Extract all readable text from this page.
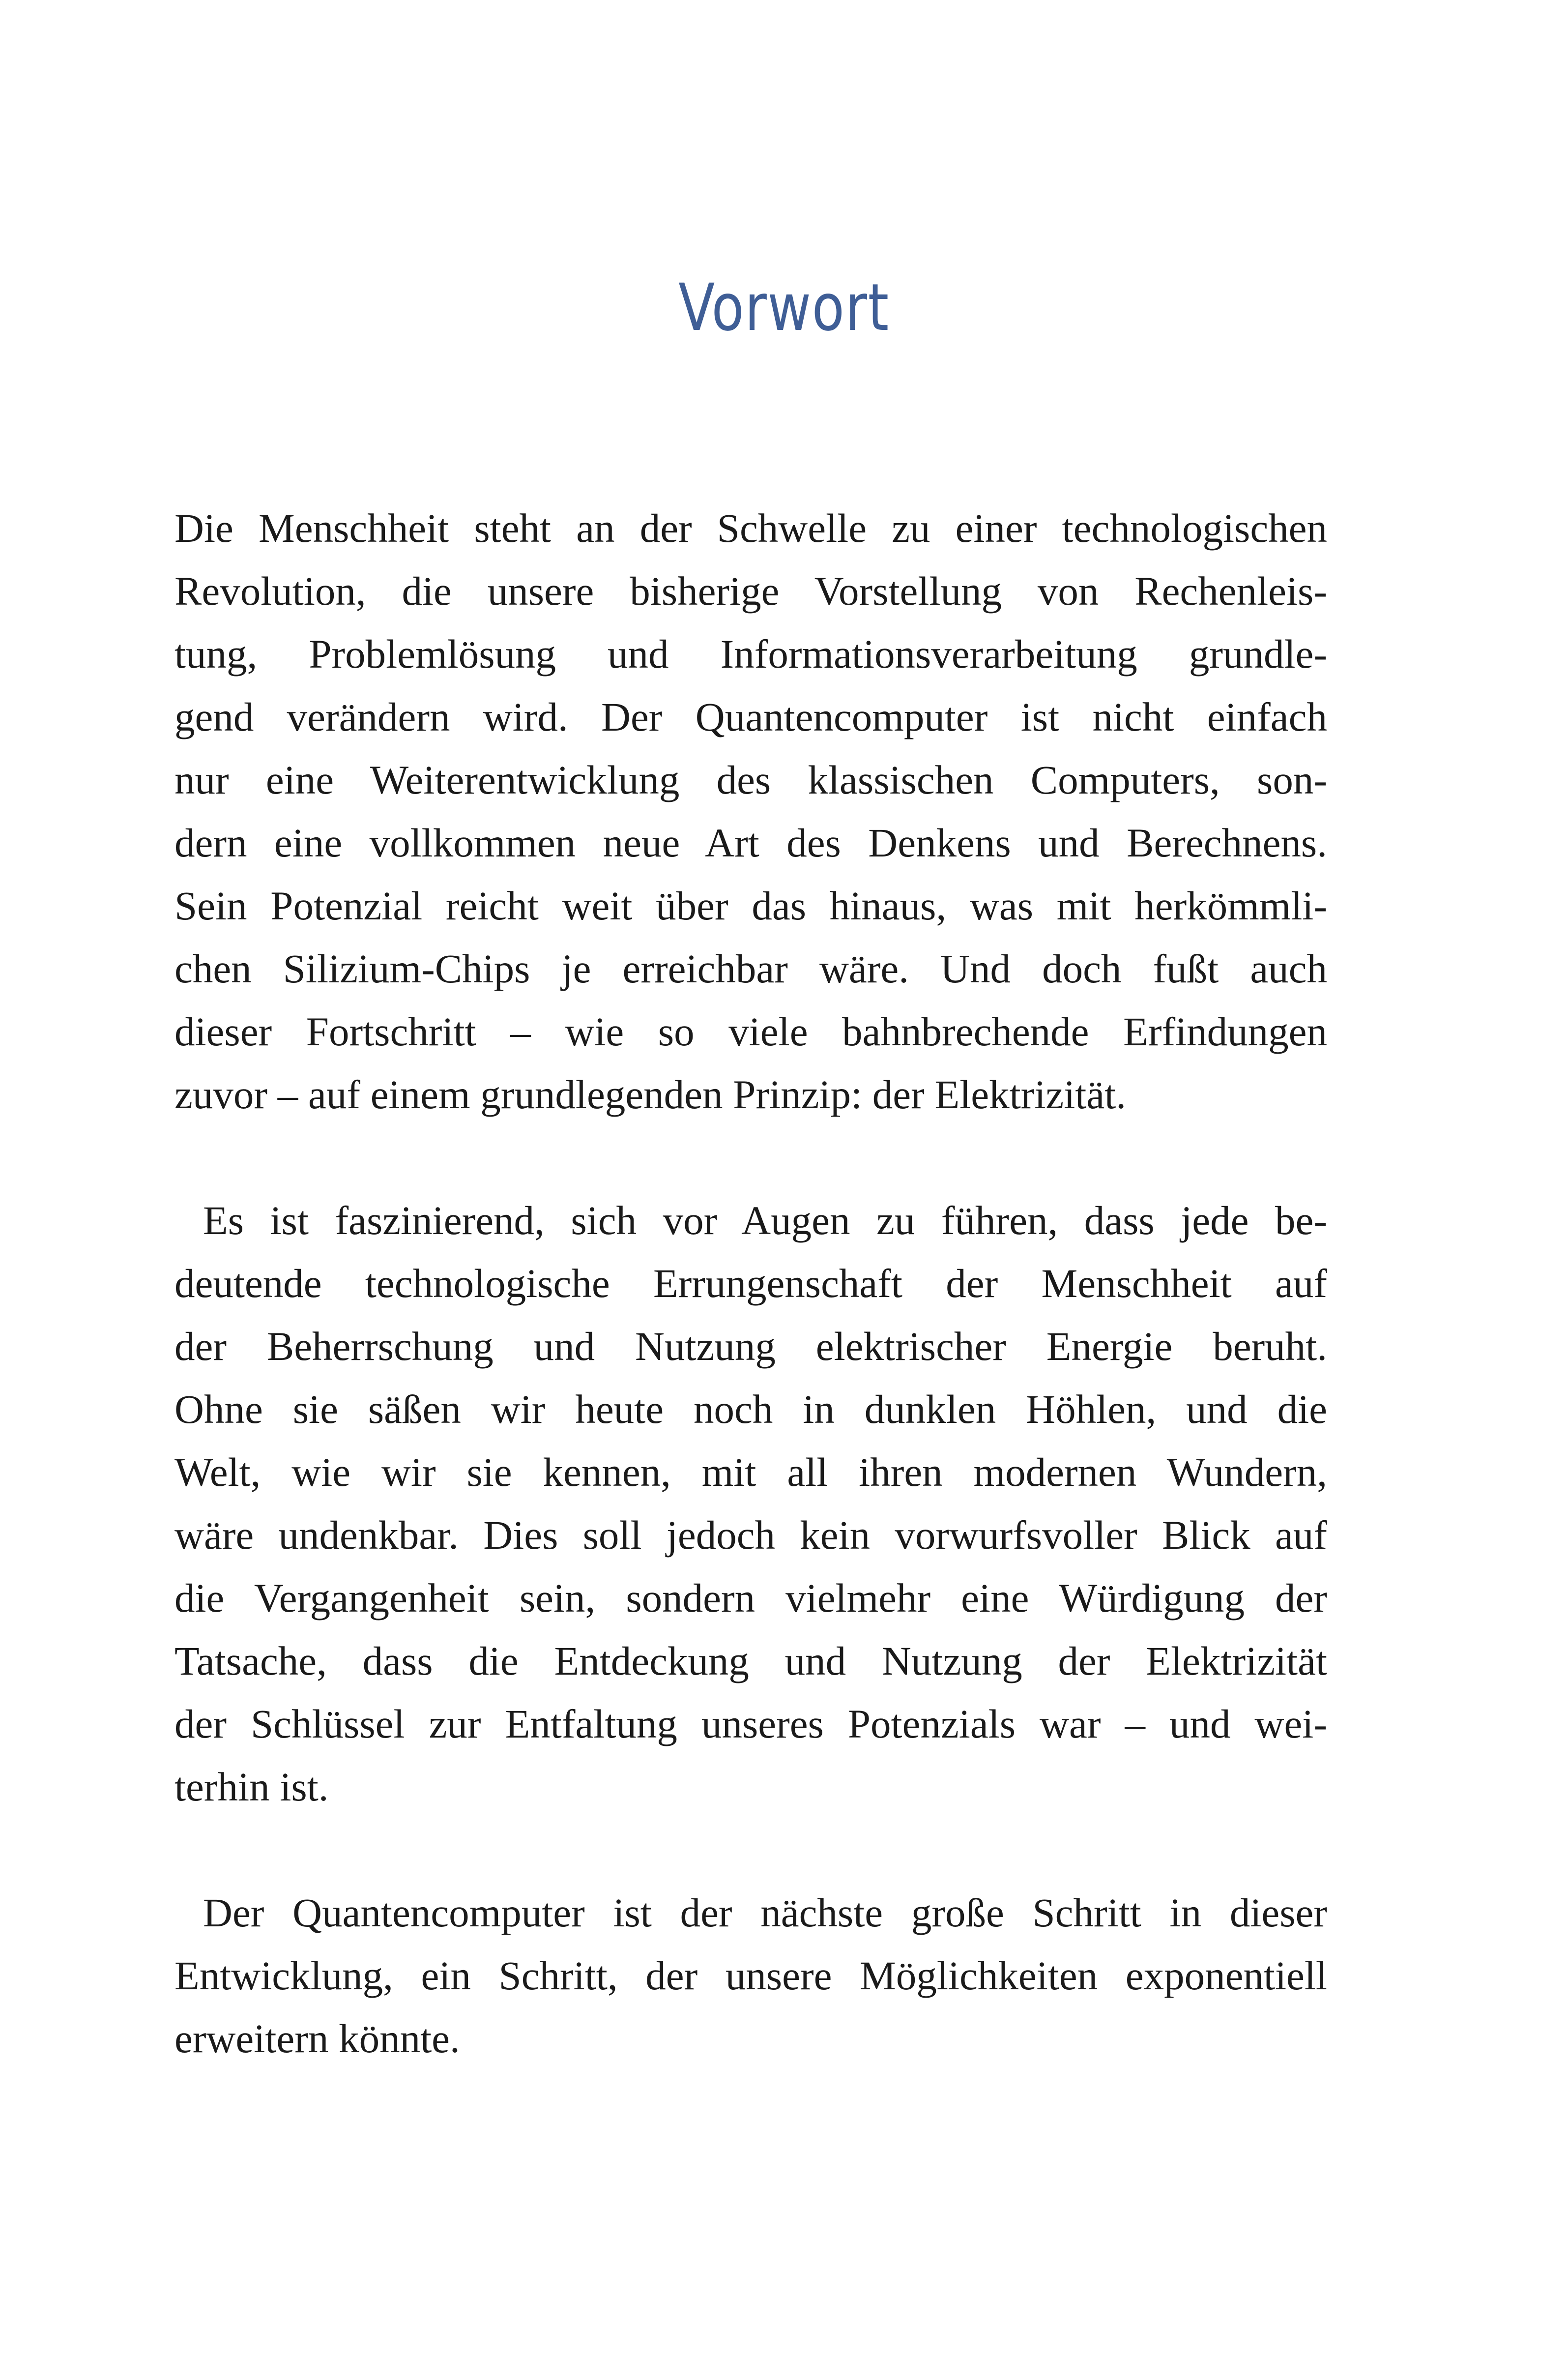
Vorwort

Die Menschheit steht an der Schwelle zu einer technologischen
Revolution, die unsere bisherige Vorstellung von Rechenleis-
tung, Problemlösung und Informationsverarbeitung grundle-
gend verändern wird. Der Quantencomputer ist nicht einfach
nur eine Weiterentwicklung des klassischen Computers, son-
dern eine vollkommen neue Art des Denkens und Berechnens.
Sein Potenzial reicht weit über das hinaus, was mit herkömmli-
chen Silizium-Chips je erreichbar wäre. Und doch fußt auch
dieser Fortschritt – wie so viele bahnbrechende Erfindungen
zuvor – auf einem grundlegenden Prinzip: der Elektrizität.

Es ist faszinierend, sich vor Augen zu führen, dass jede be-
deutende technologische Errungenschaft der Menschheit auf
der Beherrschung und Nutzung elektrischer Energie beruht.
Ohne sie säßen wir heute noch in dunklen Höhlen, und die
Welt, wie wir sie kennen, mit all ihren modernen Wundern,
wäre undenkbar. Dies soll jedoch kein vorwurfsvoller Blick auf
die Vergangenheit sein, sondern vielmehr eine Würdigung der
Tatsache, dass die Entdeckung und Nutzung der Elektrizität
der Schlüssel zur Entfaltung unseres Potenzials war – und wei-
terhin ist.

Der Quantencomputer ist der nächste große Schritt in dieser
Entwicklung, ein Schritt, der unsere Möglichkeiten exponentiell
erweitern könnte.
